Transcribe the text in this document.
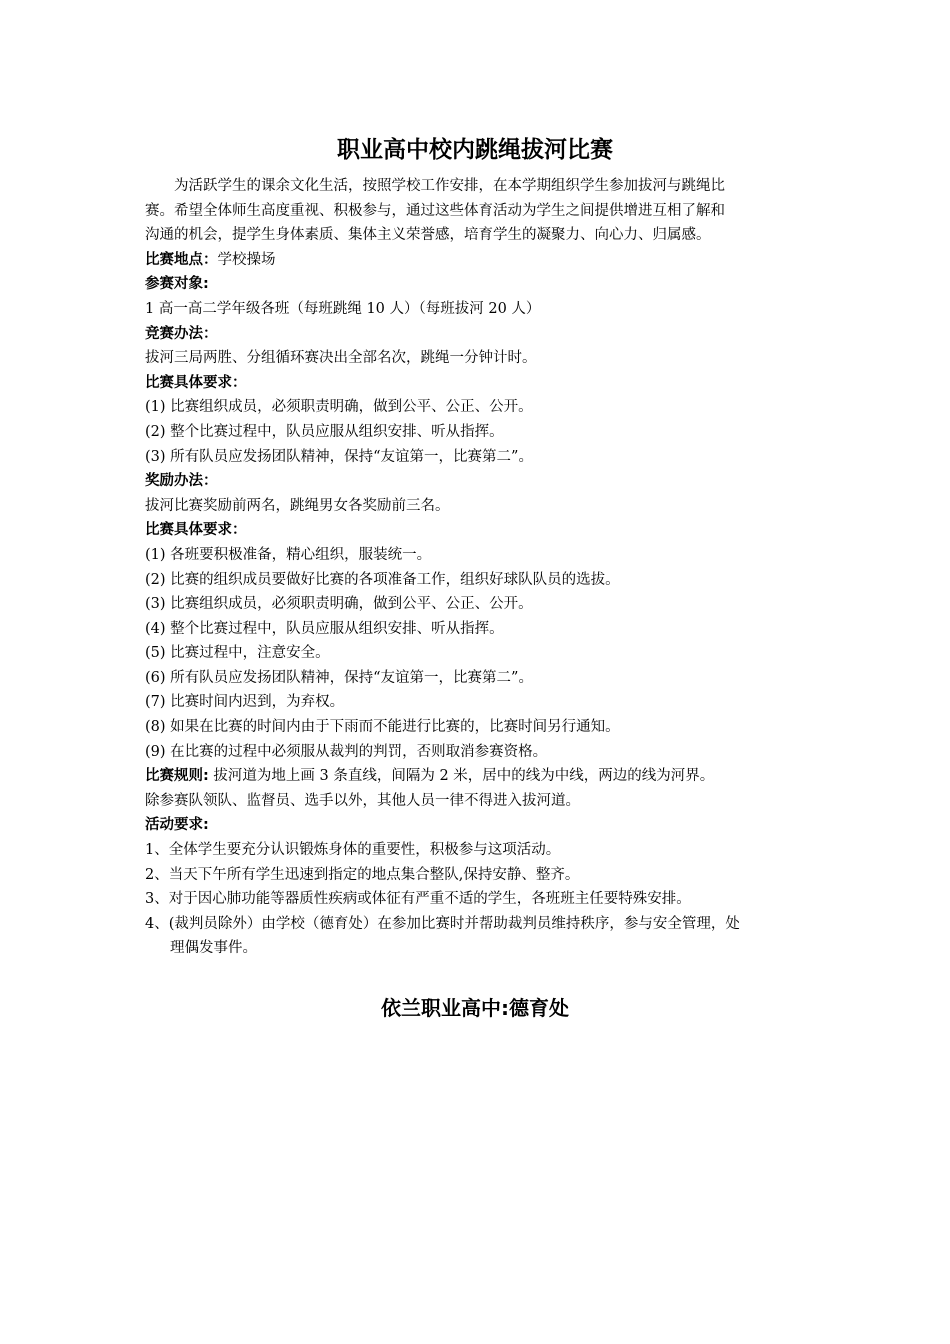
职业高中校内跳绳拔河比赛
为活跃学生的课余文化生活，按照学校工作安排，在本学期组织学生参加拔河与跳绳比
赛。希望全体师生高度重视、积极参与，通过这些体育活动为学生之间提供增进互相了解和
沟通的机会，提学生身体素质、集体主义荣誉感，培育学生的凝聚力、向心力、归属感。
比赛地点：学校操场
参赛对象:
1 高一高二学年级各班（每班跳绳 10 人）（每班拔河 20 人）
竞赛办法：
拔河三局两胜、分组循环赛决出全部名次，跳绳一分钟计时。
比赛具体要求：
(1) 比赛组织成员，必须职责明确，做到公平、公正、公开。
(2) 整个比赛过程中，队员应服从组织安排、听从指挥。
(3) 所有队员应发扬团队精神，保持“友谊第一，比赛第二”。
奖励办法：
拔河比赛奖励前两名，跳绳男女各奖励前三名。
比赛具体要求：
(1) 各班要积极准备，精心组织，服装统一。
(2) 比赛的组织成员要做好比赛的各项准备工作，组织好球队队员的选拔。
(3) 比赛组织成员，必须职责明确，做到公平、公正、公开。
(4) 整个比赛过程中，队员应服从组织安排、听从指挥。
(5) 比赛过程中，注意安全。
(6) 所有队员应发扬团队精神，保持“友谊第一，比赛第二”。
(7) 比赛时间内迟到，为弃权。
(8) 如果在比赛的时间内由于下雨而不能进行比赛的，比赛时间另行通知。
(9) 在比赛的过程中必须服从裁判的判罚，否则取消参赛资格。
比赛规则: 拔河道为地上画 3 条直线，间隔为 2 米，居中的线为中线，两边的线为河界。
除参赛队领队、监督员、选手以外，其他人员一律不得进入拔河道。
活动要求:
1、全体学生要充分认识锻炼身体的重要性，积极参与这项活动。
2、当天下午所有学生迅速到指定的地点集合整队,保持安静、整齐。
3、对于因心肺功能等器质性疾病或体征有严重不适的学生，各班班主任要特殊安排。
4、(裁判员除外）由学校（德育处）在参加比赛时并帮助裁判员维持秩序，参与安全管理，处
理偶发事件。
依兰职业高中:德育处
